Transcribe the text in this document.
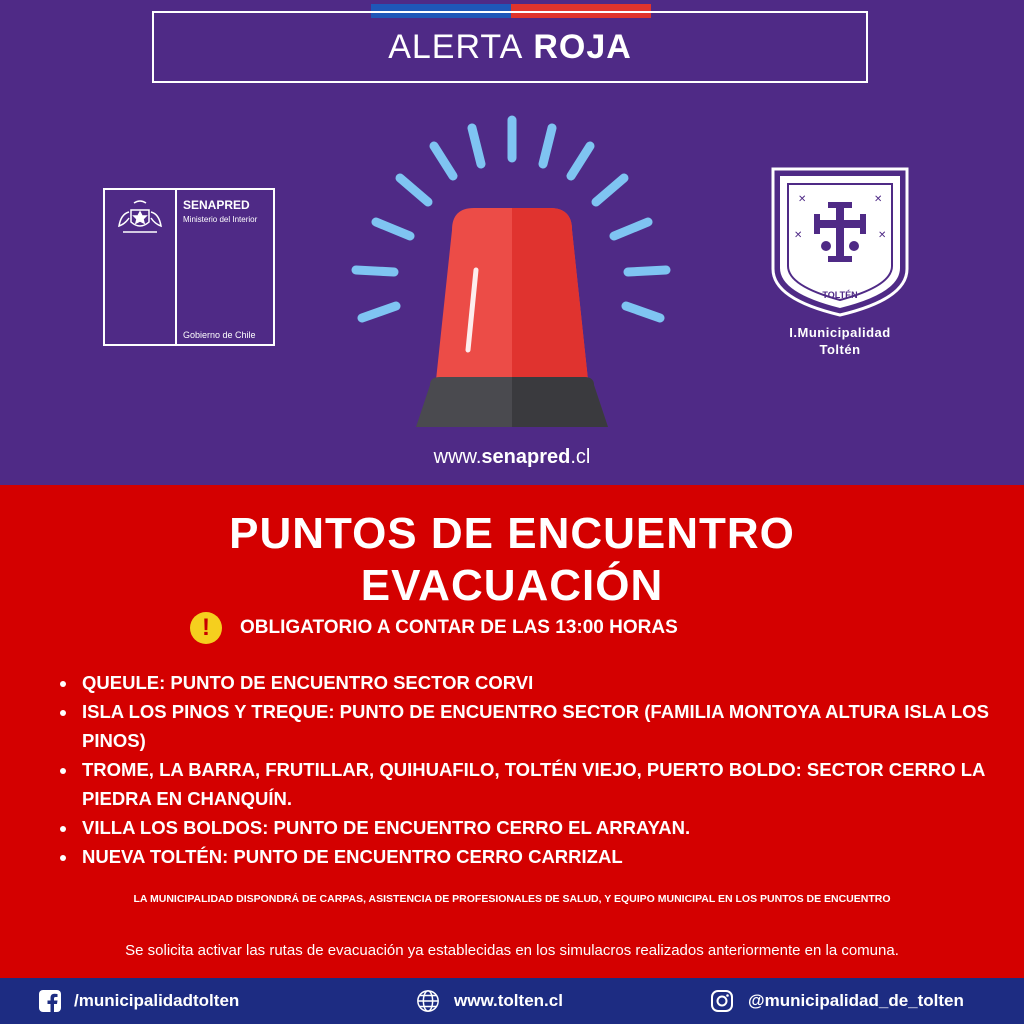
ALERTA ROJA
SENAPRED
Ministerio del Interior
Gobierno de Chile
www.senapred.cl
✕	✕
✕	✕
TOLTÉN
I.Municipalidad
Toltén
PUNTOS DE ENCUENTRO
EVACUACIÓN
!	OBLIGATORIO A CONTAR DE LAS 13:00 HORAS
• QUEULE: PUNTO DE ENCUENTRO SECTOR CORVI
• ISLA LOS PINOS Y TREQUE: PUNTO DE ENCUENTRO SECTOR (FAMILIA MONTOYA ALTURA ISLA LOS PINOS)
• TROME, LA BARRA, FRUTILLAR, QUIHUAFILO, TOLTÉN VIEJO, PUERTO BOLDO: SECTOR CERRO LA PIEDRA EN CHANQUÍN.
• VILLA LOS BOLDOS: PUNTO DE ENCUENTRO CERRO EL ARRAYAN.
• NUEVA TOLTÉN: PUNTO DE ENCUENTRO CERRO CARRIZAL
LA MUNICIPALIDAD DISPONDRÁ DE CARPAS, ASISTENCIA DE PROFESIONALES DE SALUD, Y EQUIPO MUNICIPAL EN LOS PUNTOS DE ENCUENTRO
Se solicita activar las rutas de evacuación ya establecidas en los simulacros realizados anteriormente en la comuna.
/municipalidadtolten	www.tolten.cl	@municipalidad_de_tolten
